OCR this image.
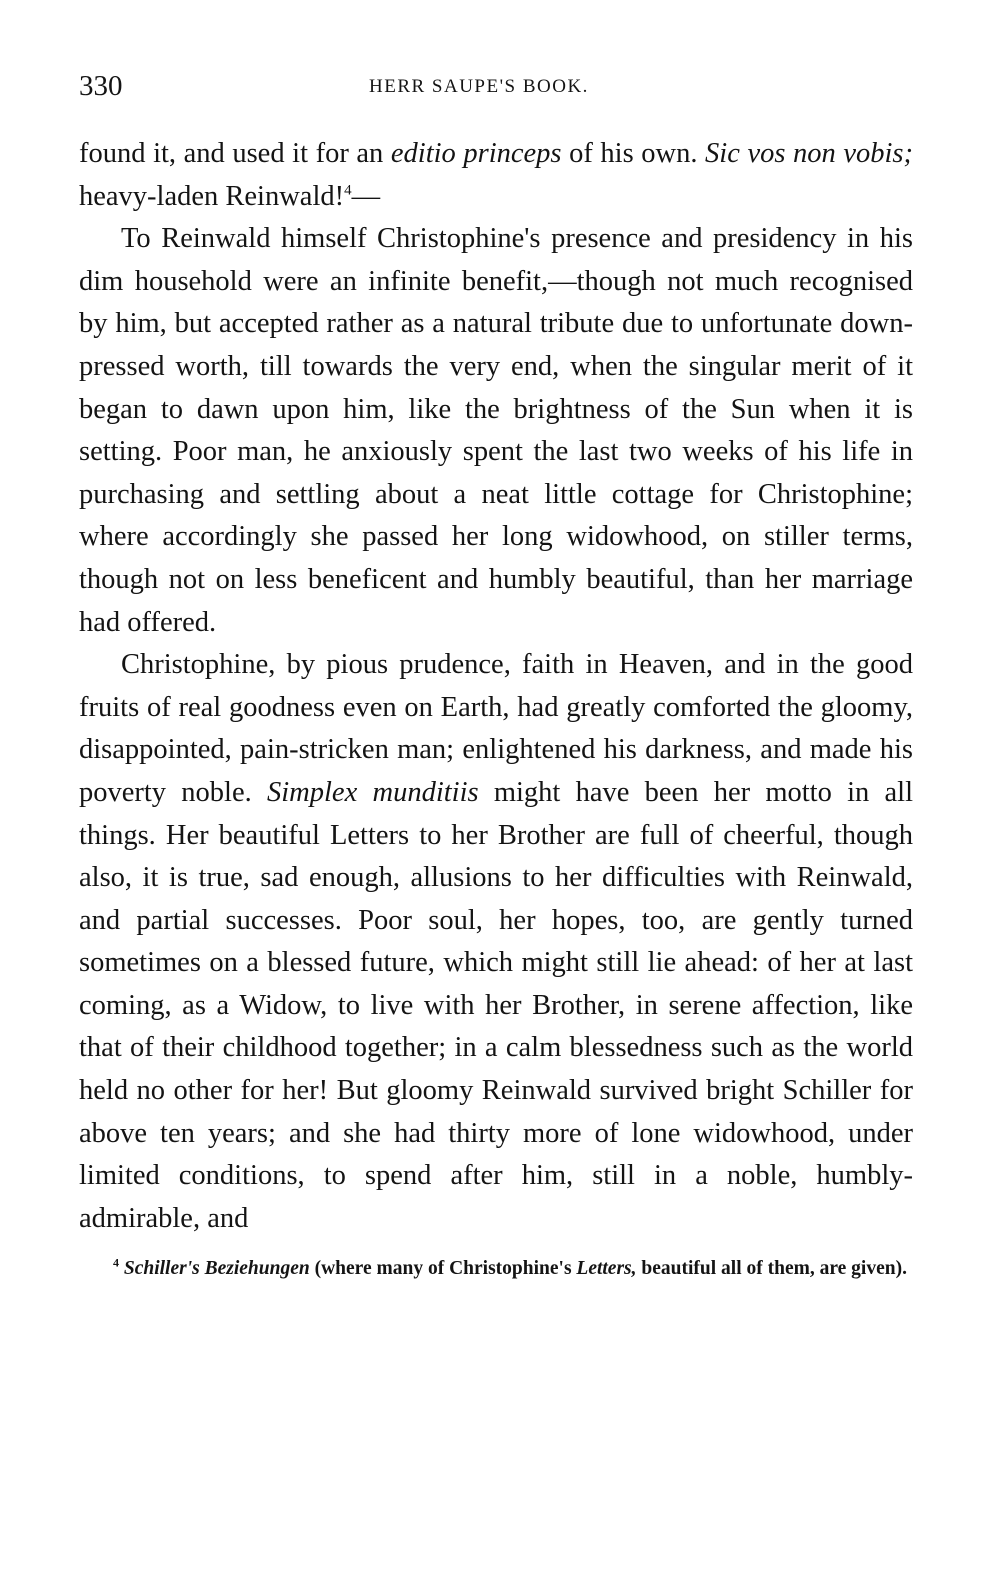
330	HERR SAUPE'S BOOK.

found it, and used it for an editio princeps of his own. Sic vos non vobis; heavy-laden Reinwald!$^4$—

To Reinwald himself Christophine's presence and presidency in his dim household were an infinite benefit,—though not much recognised by him, but accepted rather as a natural tribute due to unfortunate down-pressed worth, till towards the very end, when the singular merit of it began to dawn upon him, like the brightness of the Sun when it is setting. Poor man, he anxiously spent the last two weeks of his life in purchasing and settling about a neat little cottage for Christophine; where accordingly she passed her long widowhood, on stiller terms, though not on less beneficent and humbly beautiful, than her marriage had offered.

Christophine, by pious prudence, faith in Heaven, and in the good fruits of real goodness even on Earth, had greatly comforted the gloomy, disappointed, pain-stricken man; enlightened his darkness, and made his poverty noble. Simplex munditiis might have been her motto in all things. Her beautiful Letters to her Brother are full of cheerful, though also, it is true, sad enough, allusions to her difficulties with Reinwald, and partial successes. Poor soul, her hopes, too, are gently turned sometimes on a blessed future, which might still lie ahead: of her at last coming, as a Widow, to live with her Brother, in serene affection, like that of their childhood together; in a calm blessedness such as the world held no other for her! But gloomy Reinwald survived bright Schiller for above ten years; and she had thirty more of lone widowhood, under limited conditions, to spend after him, still in a noble, humbly-admirable, and

$^4$ Schiller's Beziehungen (where many of Christophine's Letters, beautiful all of them, are given).
